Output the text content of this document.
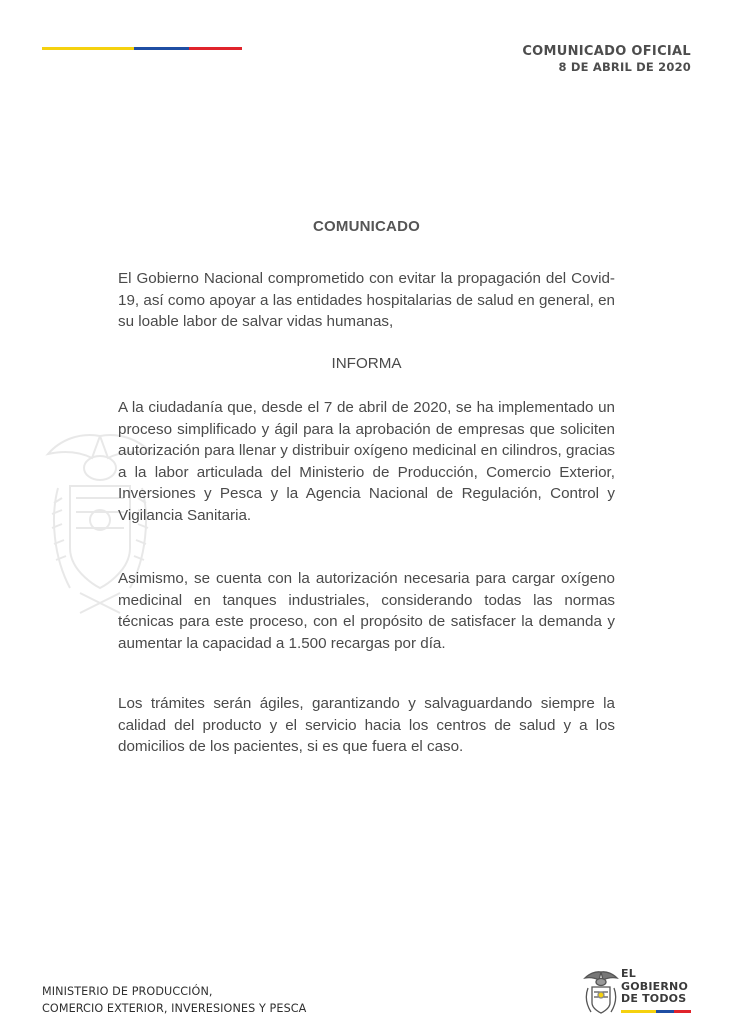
COMUNICADO OFICIAL
8 DE ABRIL DE 2020
COMUNICADO
El Gobierno Nacional comprometido con evitar la propagación del Covid-19, así como apoyar a las entidades hospitalarias de salud en general, en su loable labor de salvar vidas humanas,
INFORMA
A la ciudadanía que, desde el 7 de abril de 2020, se ha implementado un proceso simplificado y ágil para la aprobación de empresas que soliciten autorización para llenar y distribuir oxígeno medicinal en cilindros, gracias a la labor articulada del Ministerio de Producción, Comercio Exterior, Inversiones y Pesca y la Agencia Nacional de Regulación, Control y Vigilancia Sanitaria.
Asimismo, se cuenta con la autorización necesaria para cargar oxígeno medicinal en tanques industriales, considerando todas las normas técnicas para este proceso, con el propósito de satisfacer la demanda y aumentar la capacidad a 1.500 recargas por día.
Los trámites serán ágiles, garantizando y salvaguardando siempre la calidad del producto y el servicio hacia los centros de salud y a los domicilios de los pacientes, si es que fuera el caso.
MINISTERIO DE PRODUCCIÓN,
COMERCIO EXTERIOR, INVERESIONES Y PESCA
EL
GOBIERNO
DE TODOS
